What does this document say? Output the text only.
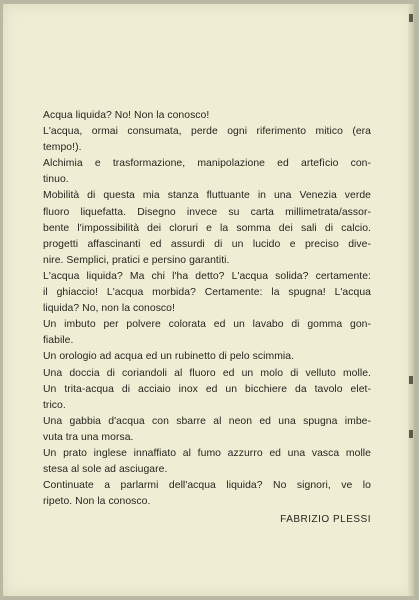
Acqua liquida? No! Non la conosco!
L'acqua, ormai consumata, perde ogni riferimento mitico (era
tempo!).
Alchimia e trasformazione, manipolazione ed artefìcio con-
tinuo.
Mobilità di questa mia stanza fluttuante in una Venezia verde
fluoro liquefatta. Disegno invece su carta millimetrata/assor-
bente l'impossibilità dei cloruri e la somma dei sali di calcio.
progetti affascinanti ed assurdi di un lucido e preciso dive-
nire. Semplici, pratici e persino garantiti.
L'acqua liquida? Ma chi l'ha detto? L'acqua solida? certamente:
il ghiaccio! L'acqua morbida? Certamente: la spugna! L'acqua
liquida? No, non la conosco!
Un imbuto per polvere colorata ed un lavabo di gomma gon-
fiabile.
Un orologio ad acqua ed un rubinetto di pelo scimmia.
Una doccia di coriandoli al fluoro ed un molo di velluto molle.
Un trita-acqua di acciaio inox ed un bicchiere da tavolo elet-
trico.
Una gabbia d'acqua con sbarre al neon ed una spugna imbe-
vuta tra una morsa.
Un prato inglese innaffiato al fumo azzurro ed una vasca molle
stesa al sole ad asciugare.
Continuate a parlarmi dell'acqua liquida? No signori, ve lo
ripeto. Non la conosco.
FABRIZIO PLESSI
